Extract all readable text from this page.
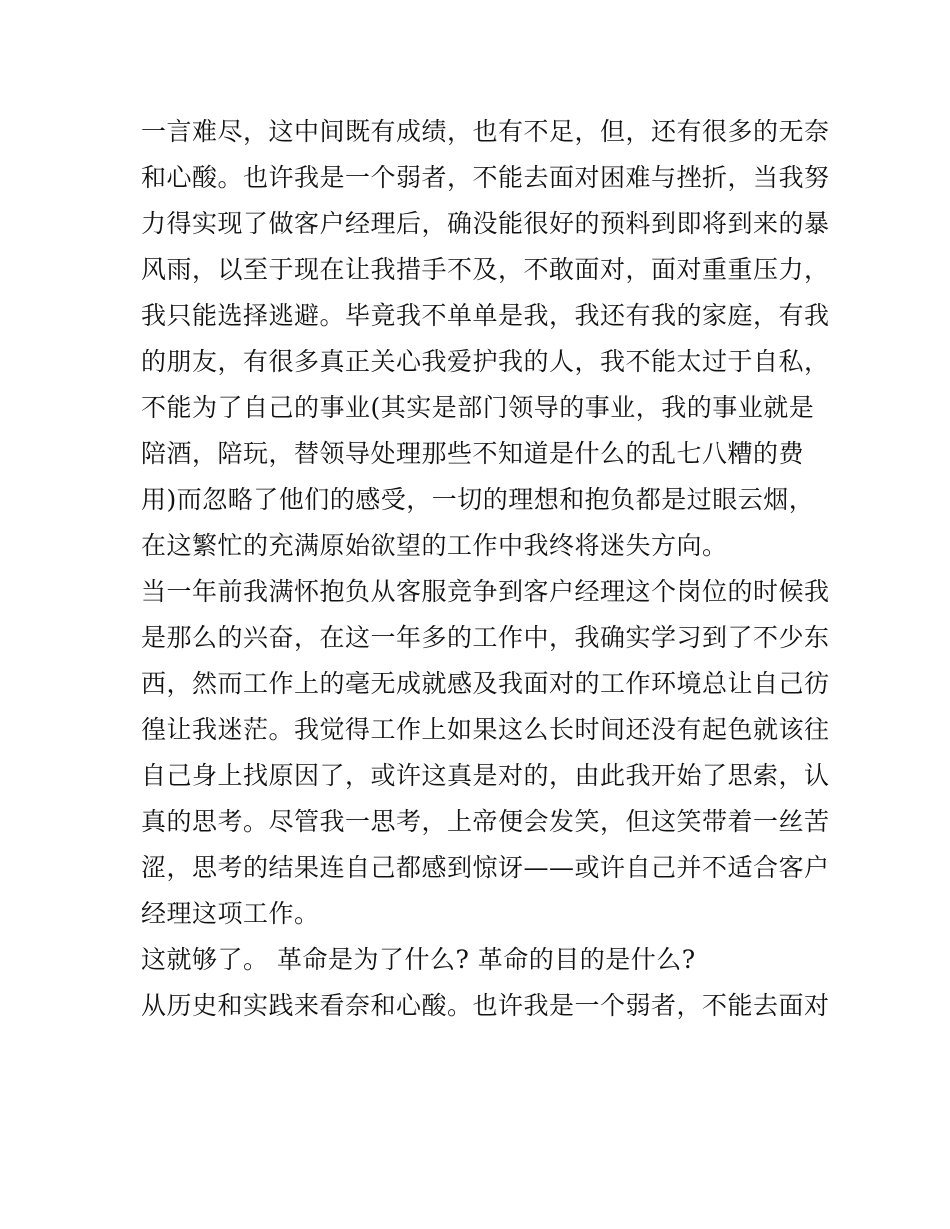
一言难尽，这中间既有成绩，也有不足，但，还有很多的无奈
和心酸。也许我是一个弱者，不能去面对困难与挫折，当我努
力得实现了做客户经理后，确没能很好的预料到即将到来的暴
风雨，以至于现在让我措手不及，不敢面对，面对重重压力，
我只能选择逃避。毕竟我不单单是我，我还有我的家庭，有我
的朋友，有很多真正关心我爱护我的人，我不能太过于自私，
不能为了自己的事业(其实是部门领导的事业，我的事业就是
陪酒，陪玩，替领导处理那些不知道是什么的乱七八糟的费
用)而忽略了他们的感受，一切的理想和抱负都是过眼云烟，
在这繁忙的充满原始欲望的工作中我终将迷失方向。
当一年前我满怀抱负从客服竞争到客户经理这个岗位的时候我
是那么的兴奋，在这一年多的工作中，我确实学习到了不少东
西，然而工作上的毫无成就感及我面对的工作环境总让自己彷
徨让我迷茫。我觉得工作上如果这么长时间还没有起色就该往
自己身上找原因了，或许这真是对的，由此我开始了思索，认
真的思考。尽管我一思考，上帝便会发笑，但这笑带着一丝苦
涩，思考的结果连自己都感到惊讶——或许自己并不适合客户
经理这项工作。
这就够了。 革命是为了什么? 革命的目的是什么?
从历史和实践来看奈和心酸。也许我是一个弱者，不能去面对
